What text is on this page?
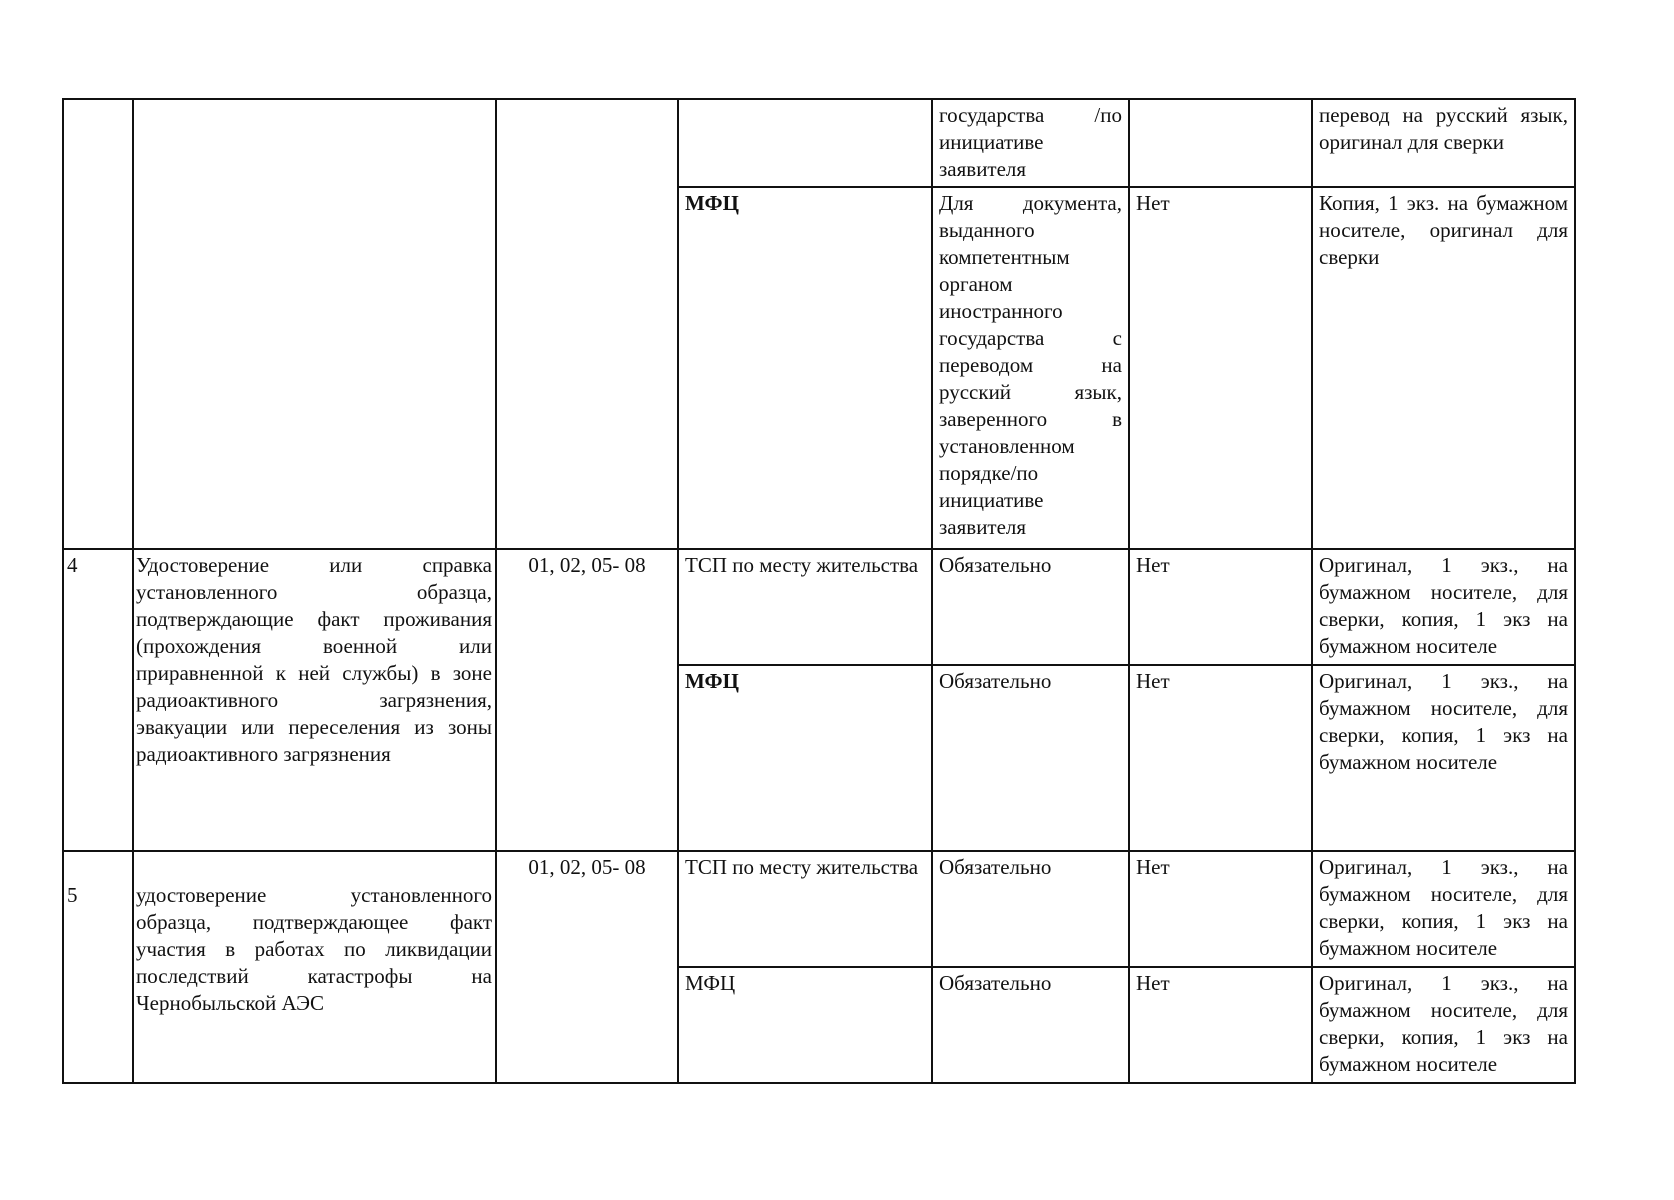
				государства /по инициативе заявителя		перевод на русский язык, оригинал для сверки
			МФЦ	Для документа, выданного компетентным органом иностранного государства с переводом на русский язык, заверенного в установленном порядке/по инициативе заявителя	Нет	Копия, 1 экз. на бумажном носителе, оригинал для сверки
4	Удостоверение или справка установленного образца, подтверждающие факт проживания (прохождения военной или приравненной к ней службы) в зоне радиоактивного загрязнения, эвакуации или переселения из зоны радиоактивного загрязнения	01, 02, 05- 08	ТСП по месту жительства	Обязательно	Нет	Оригинал, 1 экз., на бумажном носителе, для сверки, копия, 1 экз на бумажном носителе
			МФЦ	Обязательно	Нет	Оригинал, 1 экз., на бумажном носителе, для сверки, копия, 1 экз на бумажном носителе
5	удостоверение установленного образца, подтверждающее факт участия в работах по ликвидации последствий катастрофы на Чернобыльской АЭС	01, 02, 05- 08	ТСП по месту жительства	Обязательно	Нет	Оригинал, 1 экз., на бумажном носителе, для сверки, копия, 1 экз на бумажном носителе
			МФЦ	Обязательно	Нет	Оригинал, 1 экз., на бумажном носителе, для сверки, копия, 1 экз на бумажном носителе
